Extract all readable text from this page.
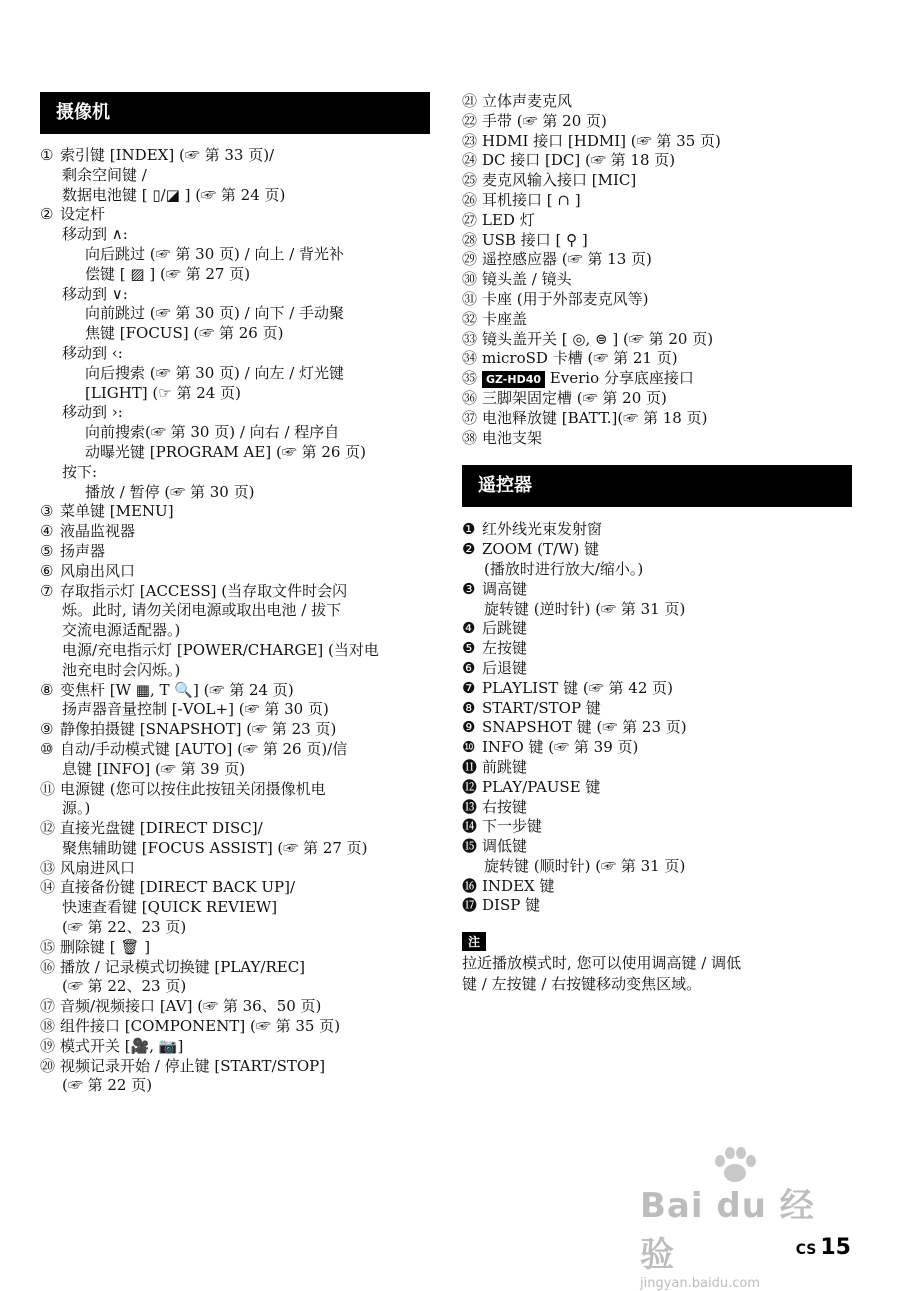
摄像机
① 索引键 [INDEX] (☞ 第 33 页)/
剩余空间键 /
数据电池键 [ ▯/◪ ] (☞ 第 24 页)
② 设定杆
移动到 ∧:
向后跳过 (☞ 第 30 页) / 向上 / 背光补
偿键 [ ▨ ] (☞ 第 27 页)
移动到 ∨:
向前跳过 (☞ 第 30 页) / 向下 / 手动聚
焦键 [FOCUS] (☞ 第 26 页)
移动到 ‹:
向后搜索 (☞ 第 30 页) / 向左 / 灯光键
[LIGHT] (☞ 第 24 页)
移动到 ›:
向前搜索(☞ 第 30 页) / 向右 / 程序自
动曝光键 [PROGRAM AE] (☞ 第 26 页)
按下:
播放 / 暂停 (☞ 第 30 页)
③ 菜单键 [MENU]
④ 液晶监视器
⑤ 扬声器
⑥ 风扇出风口
⑦ 存取指示灯 [ACCESS] (当存取文件时会闪
烁。此时, 请勿关闭电源或取出电池 / 拔下
交流电源适配器。)
电源/充电指示灯 [POWER/CHARGE] (当对电
池充电时会闪烁。)
⑧ 变焦杆 [W ▦, T 🔍] (☞ 第 24 页)
扬声器音量控制 [-VOL+] (☞ 第 30 页)
⑨ 静像拍摄键 [SNAPSHOT] (☞ 第 23 页)
⑩ 自动/手动模式键 [AUTO] (☞ 第 26 页)/信
息键 [INFO] (☞ 第 39 页)
⑪ 电源键 (您可以按住此按钮关闭摄像机电
源。)
⑫ 直接光盘键 [DIRECT DISC]/
聚焦辅助键 [FOCUS ASSIST] (☞ 第 27 页)
⑬ 风扇进风口
⑭ 直接备份键 [DIRECT BACK UP]/
快速查看键 [QUICK REVIEW]
(☞ 第 22、23 页)
⑮ 删除键 [ 🗑 ]
⑯ 播放 / 记录模式切换键 [PLAY/REC]
(☞ 第 22、23 页)
⑰ 音频/视频接口 [AV] (☞ 第 36、50 页)
⑱ 组件接口 [COMPONENT] (☞ 第 35 页)
⑲ 模式开关 [🎥, 📷]
⑳ 视频记录开始 / 停止键 [START/STOP]
(☞ 第 22 页)
㉑ 立体声麦克风
㉒ 手带 (☞ 第 20 页)
㉓ HDMI 接口 [HDMI] (☞ 第 35 页)
㉔ DC 接口 [DC] (☞ 第 18 页)
㉕ 麦克风输入接口 [MIC]
㉖ 耳机接口 [ ∩ ]
㉗ LED 灯
㉘ USB 接口 [ ⚲ ]
㉙ 遥控感应器 (☞ 第 13 页)
㉚ 镜头盖 / 镜头
㉛ 卡座 (用于外部麦克风等)
㉜ 卡座盖
㉝ 镜头盖开关 [ ◎, ⊜ ] (☞ 第 20 页)
㉞ microSD 卡槽 (☞ 第 21 页)
㉟ GZ-HD40 Everio 分享底座接口
㊱ 三脚架固定槽 (☞ 第 20 页)
㊲ 电池释放键 [BATT.](☞ 第 18 页)
㊳ 电池支架
遥控器
❶ 红外线光束发射窗
❷ ZOOM (T/W) 键
(播放时进行放大/缩小。)
❸ 调高键
旋转键 (逆时针) (☞ 第 31 页)
❹ 后跳键
❺ 左按键
❻ 后退键
❼ PLAYLIST 键 (☞ 第 42 页)
❽ START/STOP 键
❾ SNAPSHOT 键 (☞ 第 23 页)
❿ INFO 键 (☞ 第 39 页)
⓫ 前跳键
⓬ PLAY/PAUSE 键
⓭ 右按键
⓮ 下一步键
⓯ 调低键
旋转键 (顺时针) (☞ 第 31 页)
⓰ INDEX 键
⓱ DISP 键
注
拉近播放模式时, 您可以使用调高键 / 调低
键 / 左按键 / 右按键移动变焦区域。
Bai du 经验
jingyan.baidu.com
CS 15
